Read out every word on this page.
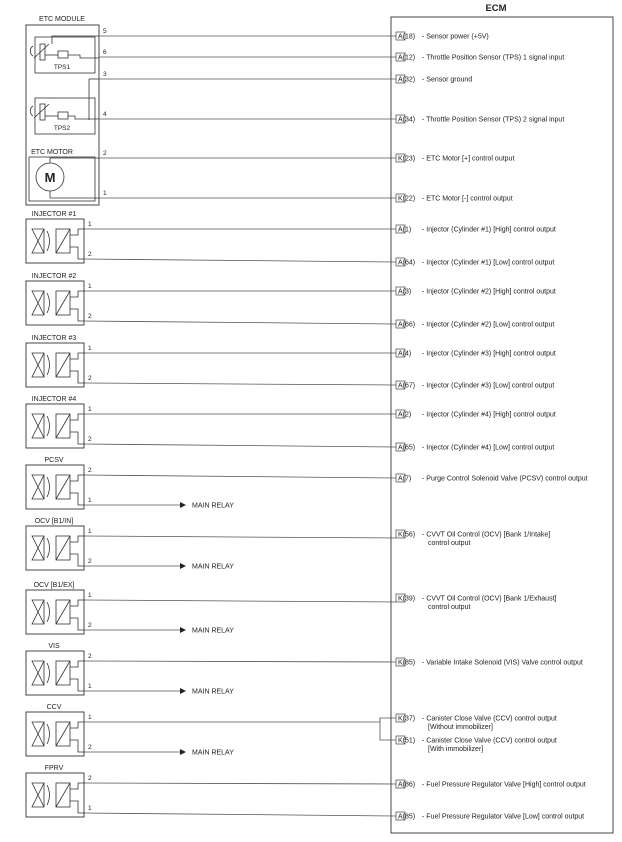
ECM
ETC MODULE
TPS1
TPS2
ETC MOTOR
M
A(18) - Sensor power (+5V)
A(12) - Throttle Position Sensor (TPS) 1 signal input
A(32) - Sensor ground
A(34) - Throttle Position Sensor (TPS) 2 signal input
K(23) - ETC Motor [+] control output
K(22) - ETC Motor [-] control output
A(1) - Injector (Cylinder #1) [High] control output
A(64) - Injector (Cylinder #1) [Low] control output
A(3) - Injector (Cylinder #2) [High] control output
A(66) - Injector (Cylinder #2) [Low] control output
A(4) - Injector (Cylinder #3) [High] control output
A(67) - Injector (Cylinder #3) [Low] control output
A(2) - Injector (Cylinder #4) [High] control output
A(65) - Injector (Cylinder #4) [Low] control output
A(7) - Purge Control Solenoid Valve (PCSV) control output
K(56) - CVVT Oil Control (OCV) [Bank 1/Intake]
control output
K(39) - CVVT Oil Control (OCV) [Bank 1/Exhaust]
control output
K(85) - Variable Intake Solenoid (VIS) Valve control output
K(37) - Canister Close Valve (CCV) control output
[Without immobilizer]
K(51) - Canister Close Valve (CCV) control output
[With immobilizer]
A(86) - Fuel Pressure Regulator Valve [High] control output
A(85) - Fuel Pressure Regulator Valve [Low] control output
5
6
3
4
2
1
INJECTOR #1
1
2
INJECTOR #2
1
2
INJECTOR #3
1
2
INJECTOR #4
1
2
PCSV
2
1
MAIN RELAY
OCV [B1/IN]
1
2
MAIN RELAY
OCV [B1/EX]
1
2
MAIN RELAY
VIS
2
1
MAIN RELAY
CCV
1
2
MAIN RELAY
FPRV
2
1
